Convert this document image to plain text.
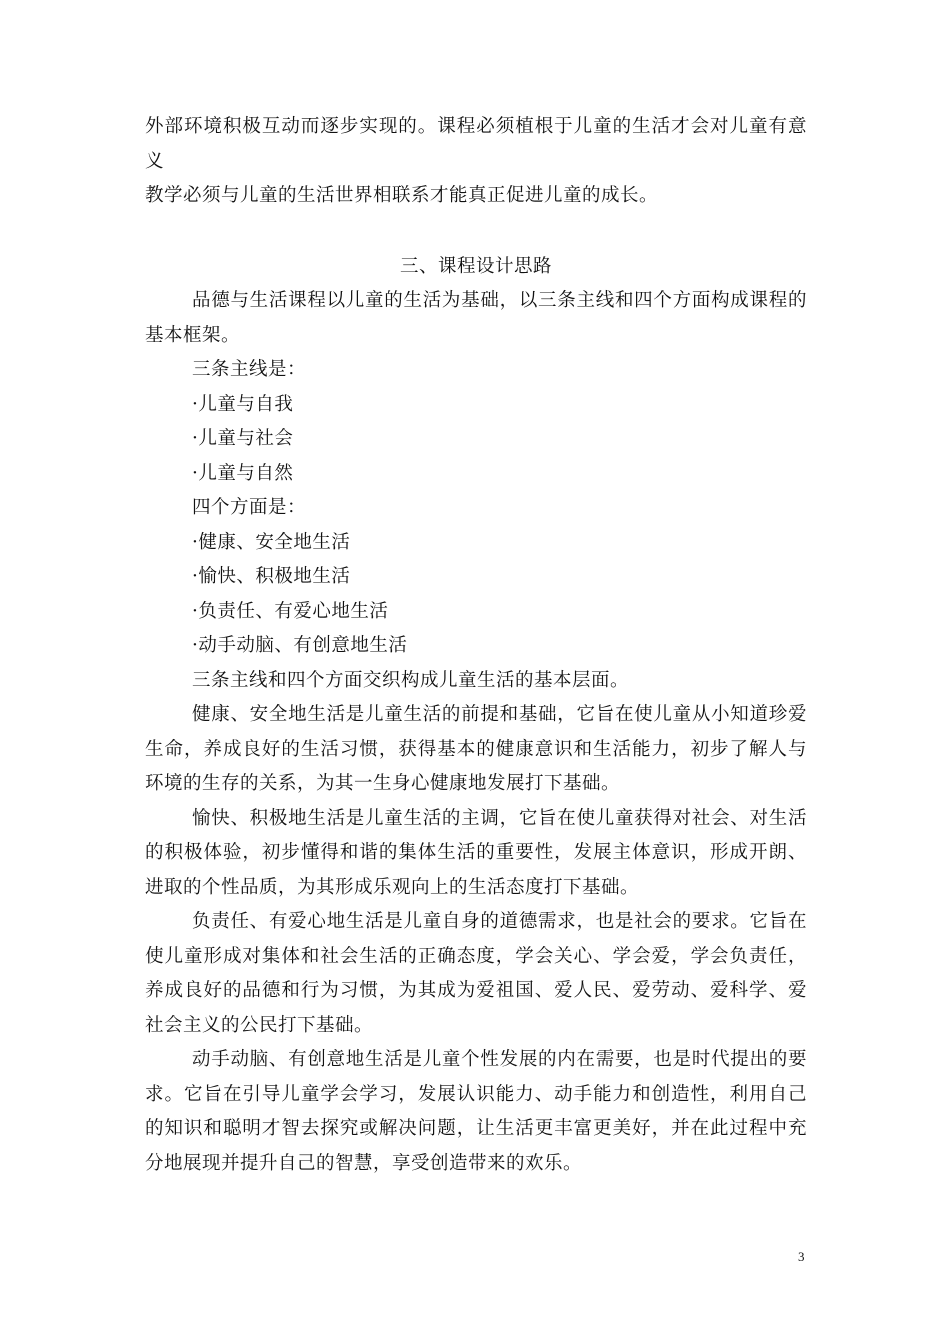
外部环境积极互动而逐步实现的。课程必须植根于儿童的生活才会对儿童有意义

教学必须与儿童的生活世界相联系才能真正促进儿童的成长。

三、课程设计思路

品德与生活课程以儿童的生活为基础，以三条主线和四个方面构成课程的基本框架。

三条主线是：

·儿童与自我

·儿童与社会

·儿童与自然

四个方面是：

·健康、安全地生活

·愉快、积极地生活

·负责任、有爱心地生活

·动手动脑、有创意地生活

三条主线和四个方面交织构成儿童生活的基本层面。

健康、安全地生活是儿童生活的前提和基础，它旨在使儿童从小知道珍爱生命，养成良好的生活习惯，获得基本的健康意识和生活能力，初步了解人与环境的生存的关系，为其一生身心健康地发展打下基础。

愉快、积极地生活是儿童生活的主调，它旨在使儿童获得对社会、对生活的积极体验，初步懂得和谐的集体生活的重要性，发展主体意识，形成开朗、进取的个性品质，为其形成乐观向上的生活态度打下基础。

负责任、有爱心地生活是儿童自身的道德需求，也是社会的要求。它旨在使儿童形成对集体和社会生活的正确态度，学会关心、学会爱，学会负责任，养成良好的品德和行为习惯，为其成为爱祖国、爱人民、爱劳动、爱科学、爱社会主义的公民打下基础。

动手动脑、有创意地生活是儿童个性发展的内在需要，也是时代提出的要求。它旨在引导儿童学会学习，发展认识能力、动手能力和创造性，利用自己的知识和聪明才智去探究或解决问题，让生活更丰富更美好，并在此过程中充分地展现并提升自己的智慧，享受创造带来的欢乐。

3
